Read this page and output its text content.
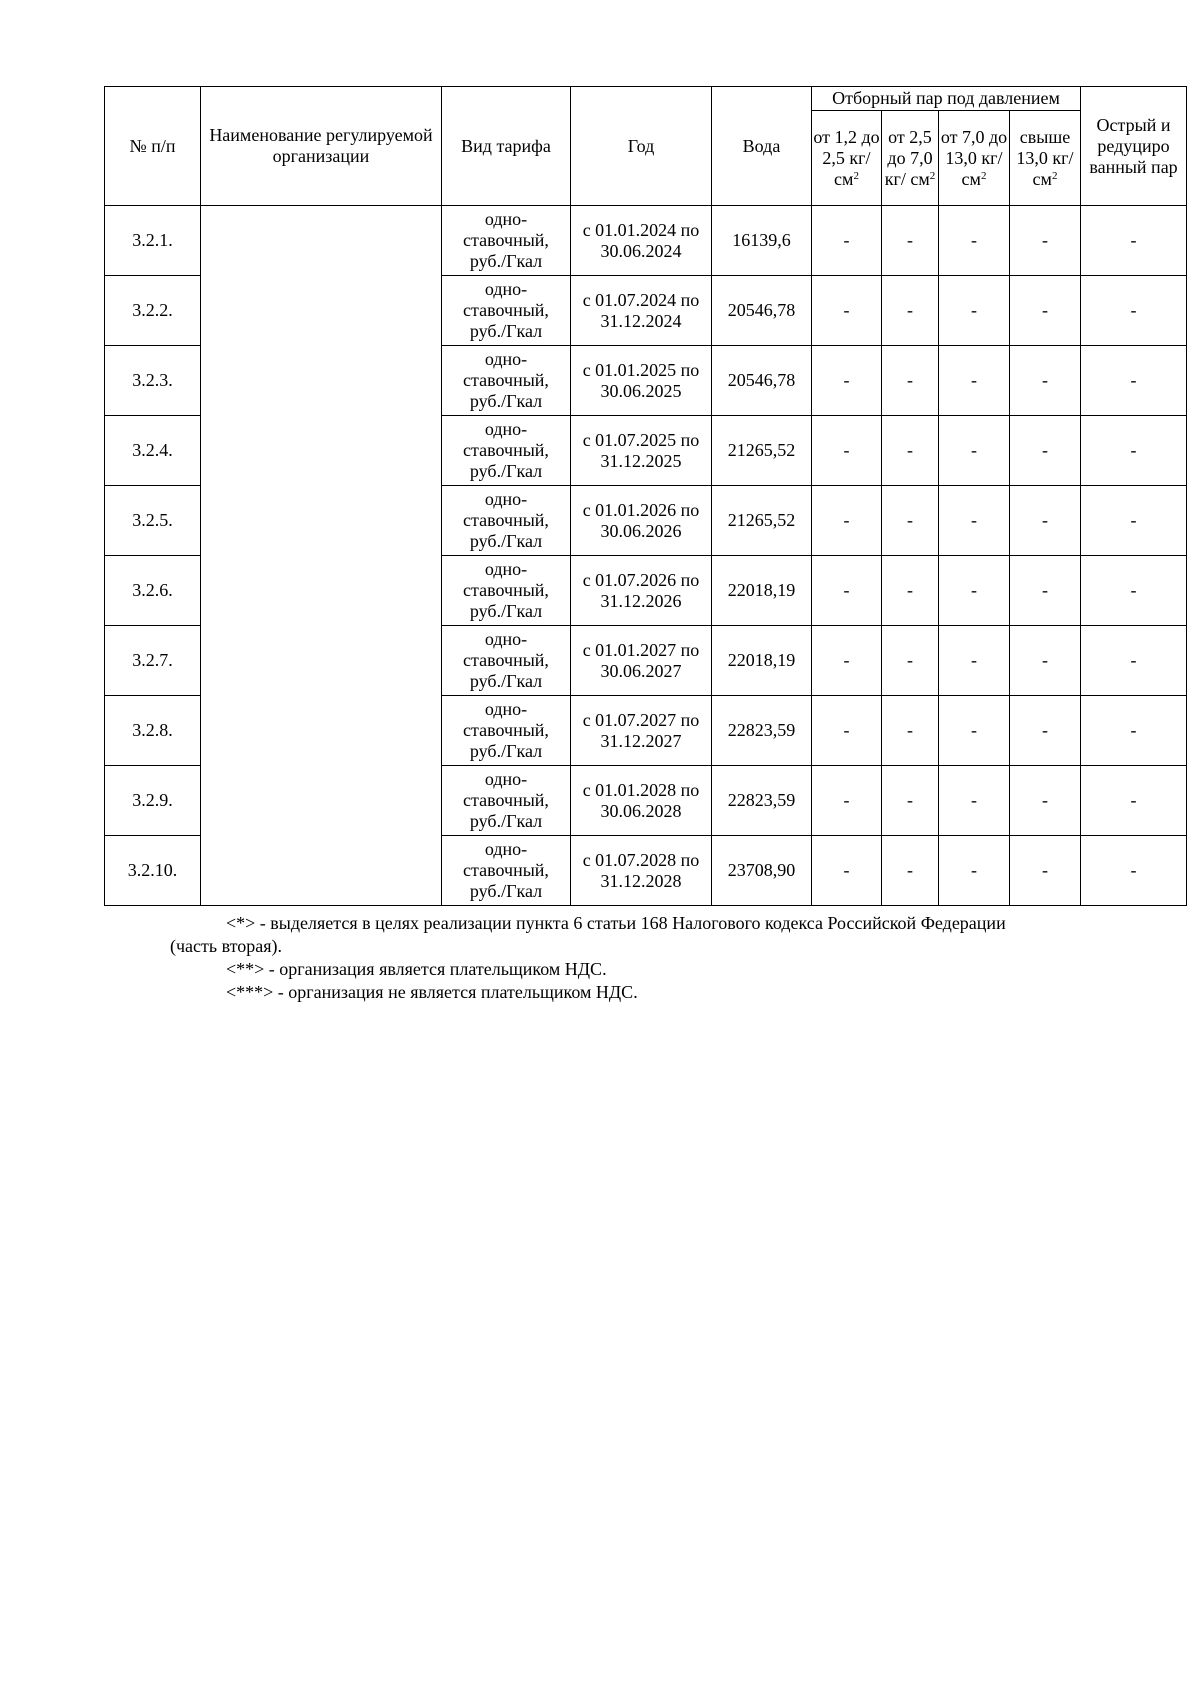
№ п/п	Наименование регулируемой организации	Вид тарифа	Год	Вода	Отборный пар под давлением				Острый и редуциро ванный пар
					от 1,2 до 2,5 кг/ $см^2$	от 2,5 до 7,0 кг/ $см^2$	от 7,0 до 13,0 кг/ $см^2$	свыше 13,0 кг/ $см^2$
3.2.1.		одно-ставочный, руб./Гкал	с 01.01.2024 по 30.06.2024	16139,6	-	-	-	-	-
3.2.2.		одно-ставочный, руб./Гкал	с 01.07.2024 по 31.12.2024	20546,78	-	-	-	-	-
3.2.3.		одно-ставочный, руб./Гкал	с 01.01.2025 по 30.06.2025	20546,78	-	-	-	-	-
3.2.4.		одно-ставочный, руб./Гкал	с 01.07.2025 по 31.12.2025	21265,52	-	-	-	-	-
3.2.5.		одно-ставочный, руб./Гкал	с 01.01.2026 по 30.06.2026	21265,52	-	-	-	-	-
3.2.6.		одно-ставочный, руб./Гкал	с 01.07.2026 по 31.12.2026	22018,19	-	-	-	-	-
3.2.7.		одно-ставочный, руб./Гкал	с 01.01.2027 по 30.06.2027	22018,19	-	-	-	-	-
3.2.8.		одно-ставочный, руб./Гкал	с 01.07.2027 по 31.12.2027	22823,59	-	-	-	-	-
3.2.9.		одно-ставочный, руб./Гкал	с 01.01.2028 по 30.06.2028	22823,59	-	-	-	-	-
3.2.10.		одно-ставочный, руб./Гкал	с 01.07.2028 по 31.12.2028	23708,90	-	-	-	-	-

<*> - выделяется в целях реализации пункта 6 статьи 168 Налогового кодекса Российской Федерации

(часть вторая).

<**> - организация является плательщиком НДС.

<***> - организация не является плательщиком НДС.
